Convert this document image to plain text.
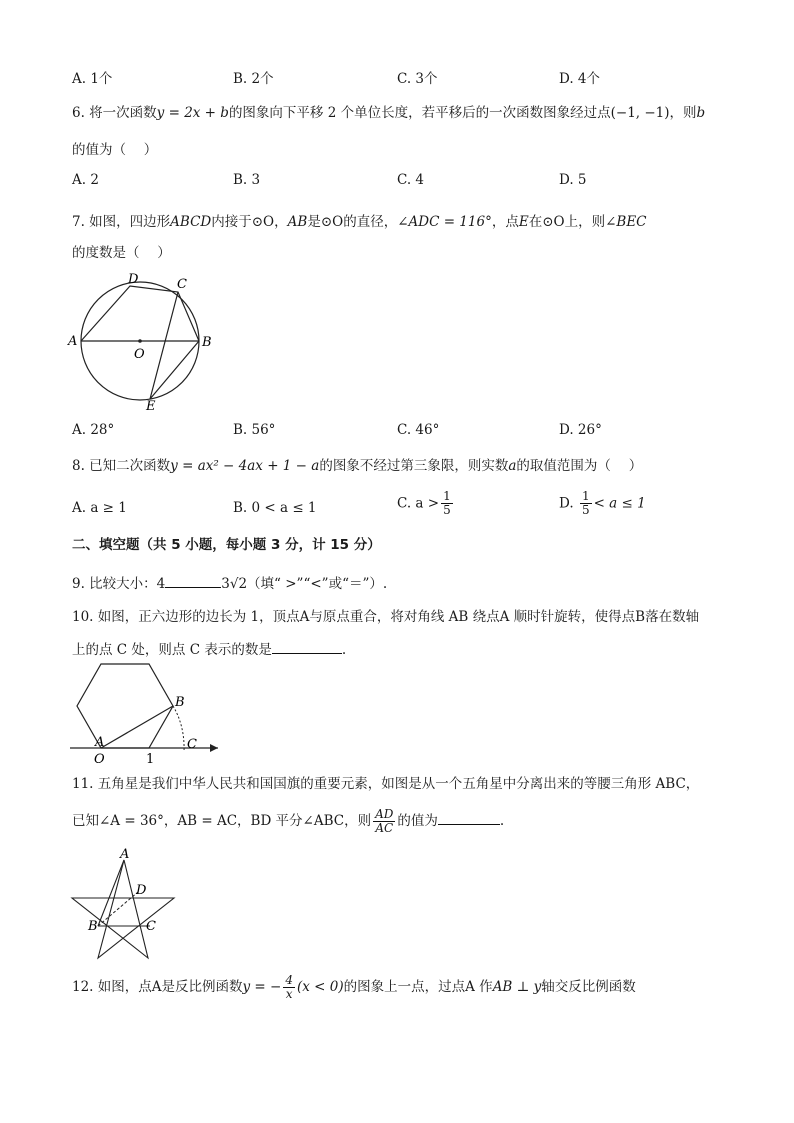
A. 1个	B. 2个	C. 3个	D. 4个
6. 将一次函数y = 2x + b的图象向下平移 2 个单位长度，若平移后的一次函数图象经过点(−1, −1)，则b
的值为（　 ）
A. 2	B. 3	C. 4	D. 5
7. 如图，四边形ABCD内接于⊙O，AB是⊙O的直径，∠ADC = 116°，点E在⊙O上，则∠BEC
的度数是（　 ）
A	B
C
D
E
O
A. 28°	B. 56°	C. 46°	D. 26°
8. 已知二次函数y = ax² − 4ax + 1 − a的图象不经过第三象限，则实数a的取值范围为（　 ）
A. a ≥ 1	B. 0 < a ≤ 1	C. $a > \frac{1}{5}$	D. $\frac{1}{5} < a \le 1$
二、填空题（共 5 小题，每小题 3 分，计 15 分）
9. 比较大小：4	3√2（填“ >”“<”或“＝”）.
10. 如图，正六边形的边长为 1，顶点A与原点重合，将对角线 AB 绕点A 顺时针旋转，使得点B落在数轴
上的点 C 处，则点 C 表示的数是	.
A
B
C
O	1
11. 五角星是我们中华人民共和国国旗的重要元素，如图是从一个五角星中分离出来的等腰三角形 ABC，
已知∠A = 36°，AB = AC，BD 平分∠ABC，则 $\frac{AD}{AC}$ 的值为	.
A
B	C
D
12. 如图，点A是反比例函数y = − $\frac{4}{x} (x < 0)$的图象上一点，过点A 作AB ⊥ y轴交反比例函数
